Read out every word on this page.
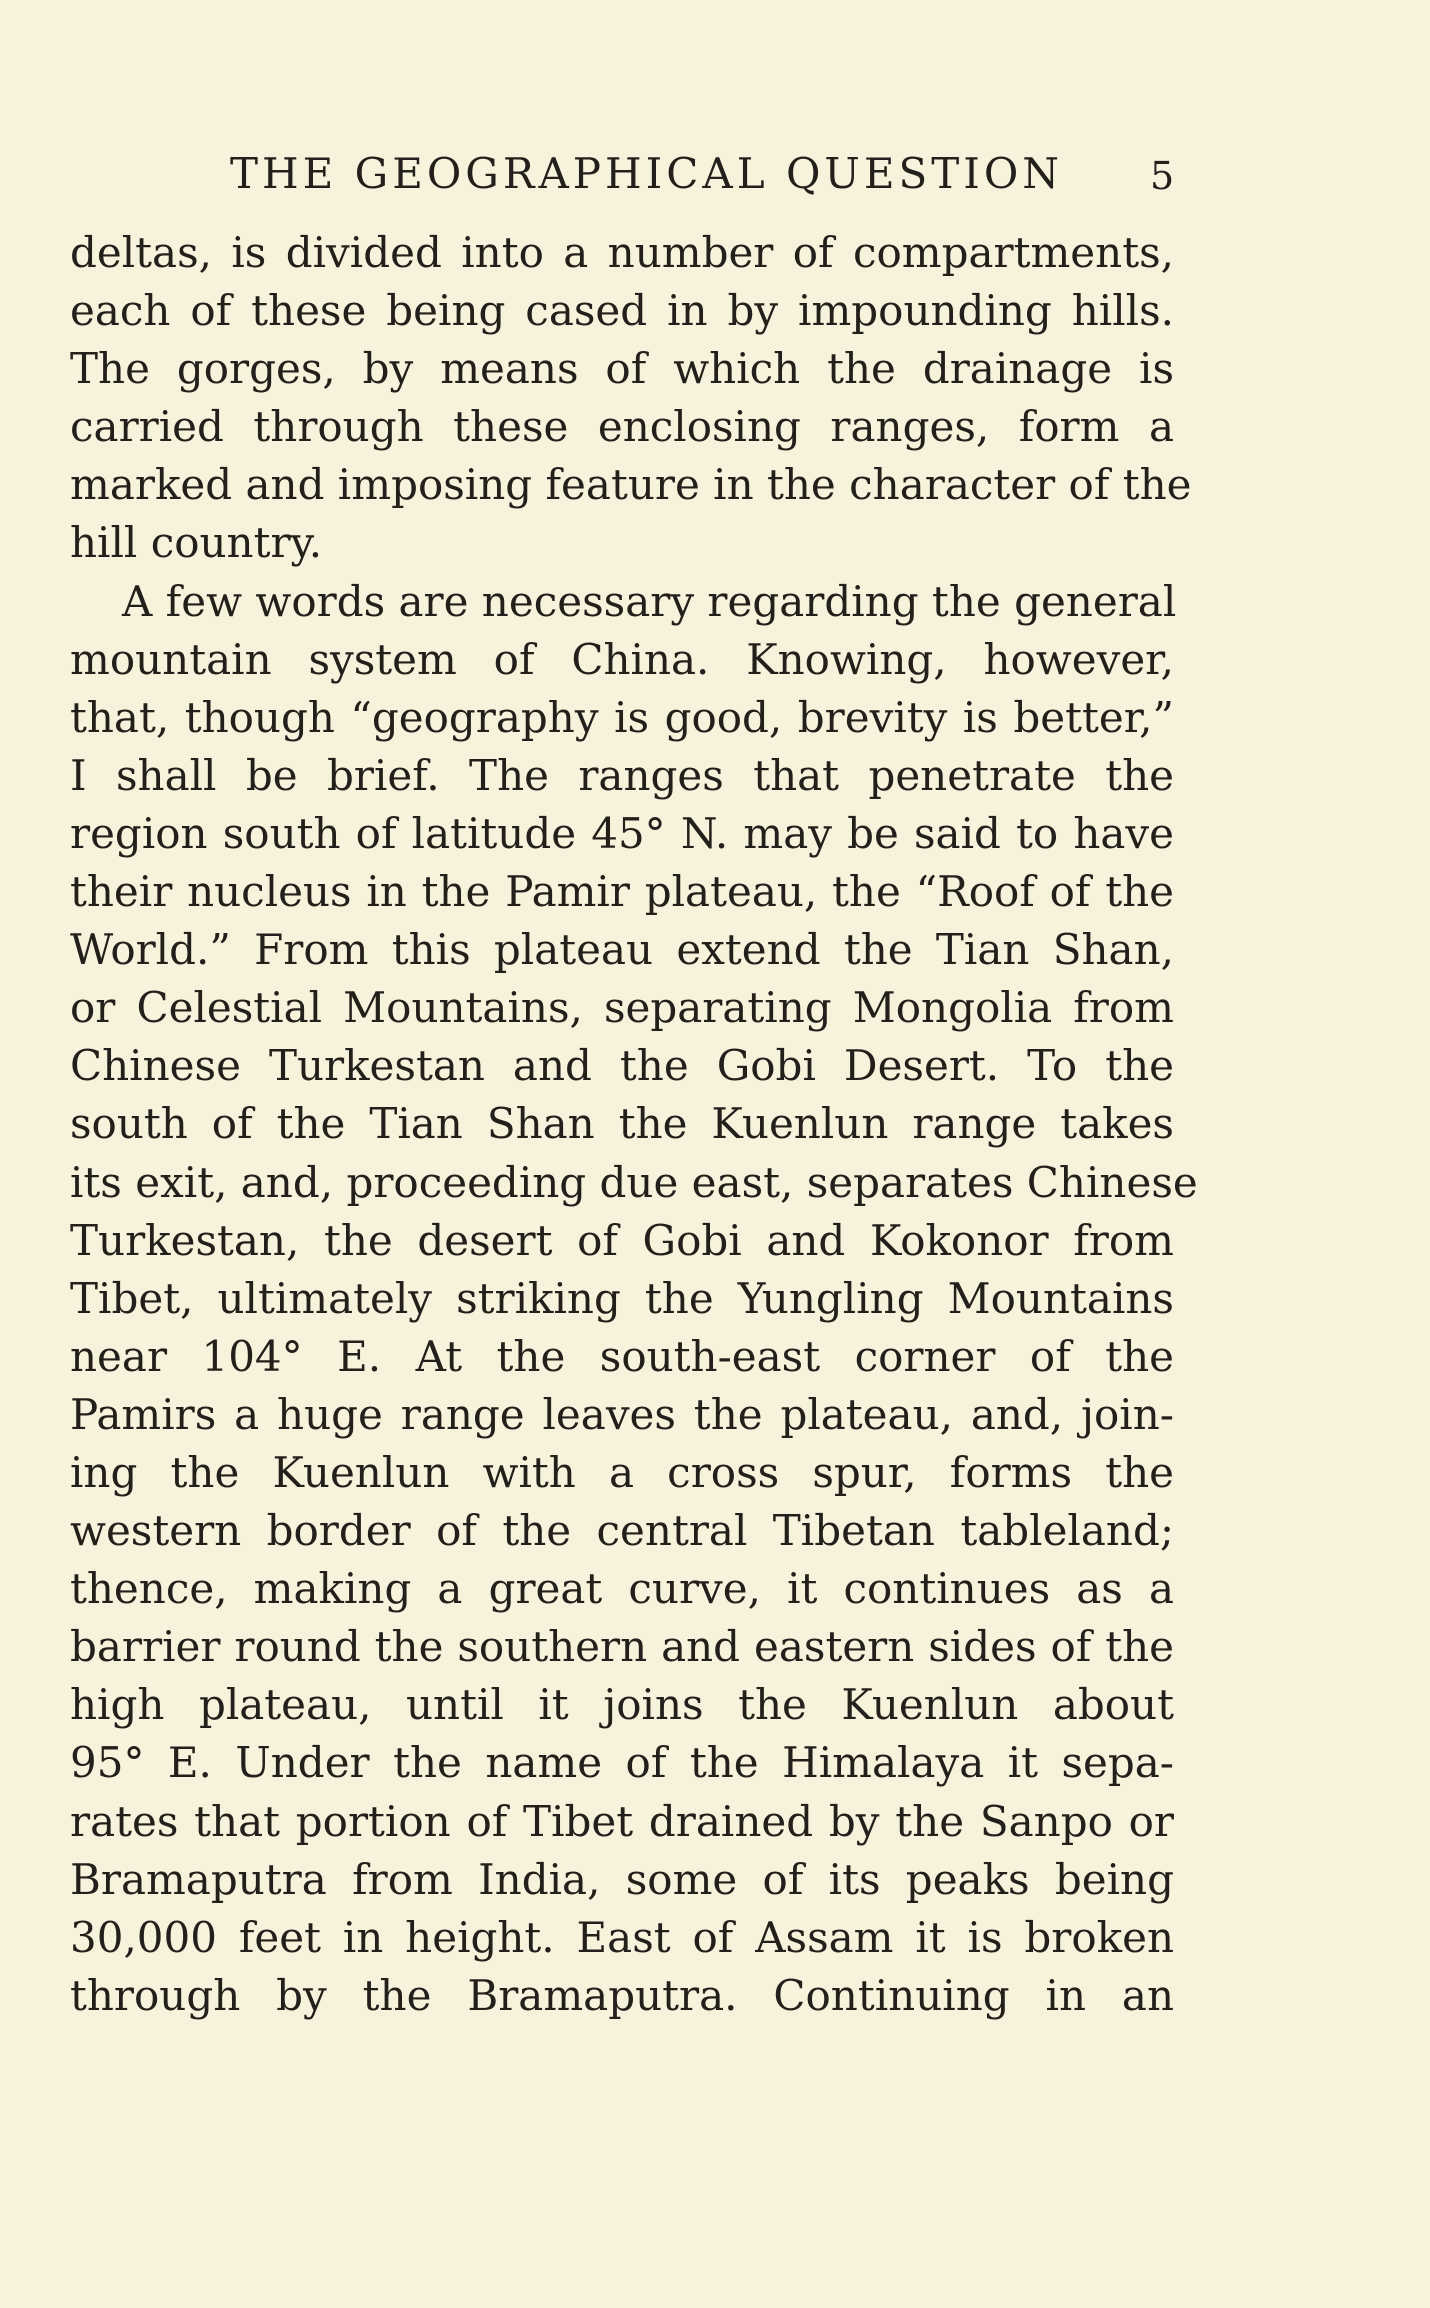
THE GEOGRAPHICAL QUESTION 5
deltas, is divided into a number of compartments,
each of these being cased in by impounding hills.
The gorges, by means of which the drainage is
carried through these enclosing ranges, form a
marked and imposing feature in the character of the
hill country.
A few words are necessary regarding the general
mountain system of China. Knowing, however,
that, though “geography is good, brevity is better,”
I shall be brief. The ranges that penetrate the
region south of latitude 45° N. may be said to have
their nucleus in the Pamir plateau, the “Roof of the
World.” From this plateau extend the Tian Shan,
or Celestial Mountains, separating Mongolia from
Chinese Turkestan and the Gobi Desert. To the
south of the Tian Shan the Kuenlun range takes
its exit, and, proceeding due east, separates Chinese
Turkestan, the desert of Gobi and Kokonor from
Tibet, ultimately striking the Yungling Mountains
near 104° E. At the south-east corner of the
Pamirs a huge range leaves the plateau, and, join-
ing the Kuenlun with a cross spur, forms the
western border of the central Tibetan tableland;
thence, making a great curve, it continues as a
barrier round the southern and eastern sides of the
high plateau, until it joins the Kuenlun about
95° E. Under the name of the Himalaya it sepa-
rates that portion of Tibet drained by the Sanpo or
Bramaputra from India, some of its peaks being
30,000 feet in height. East of Assam it is broken
through by the Bramaputra. Continuing in an
